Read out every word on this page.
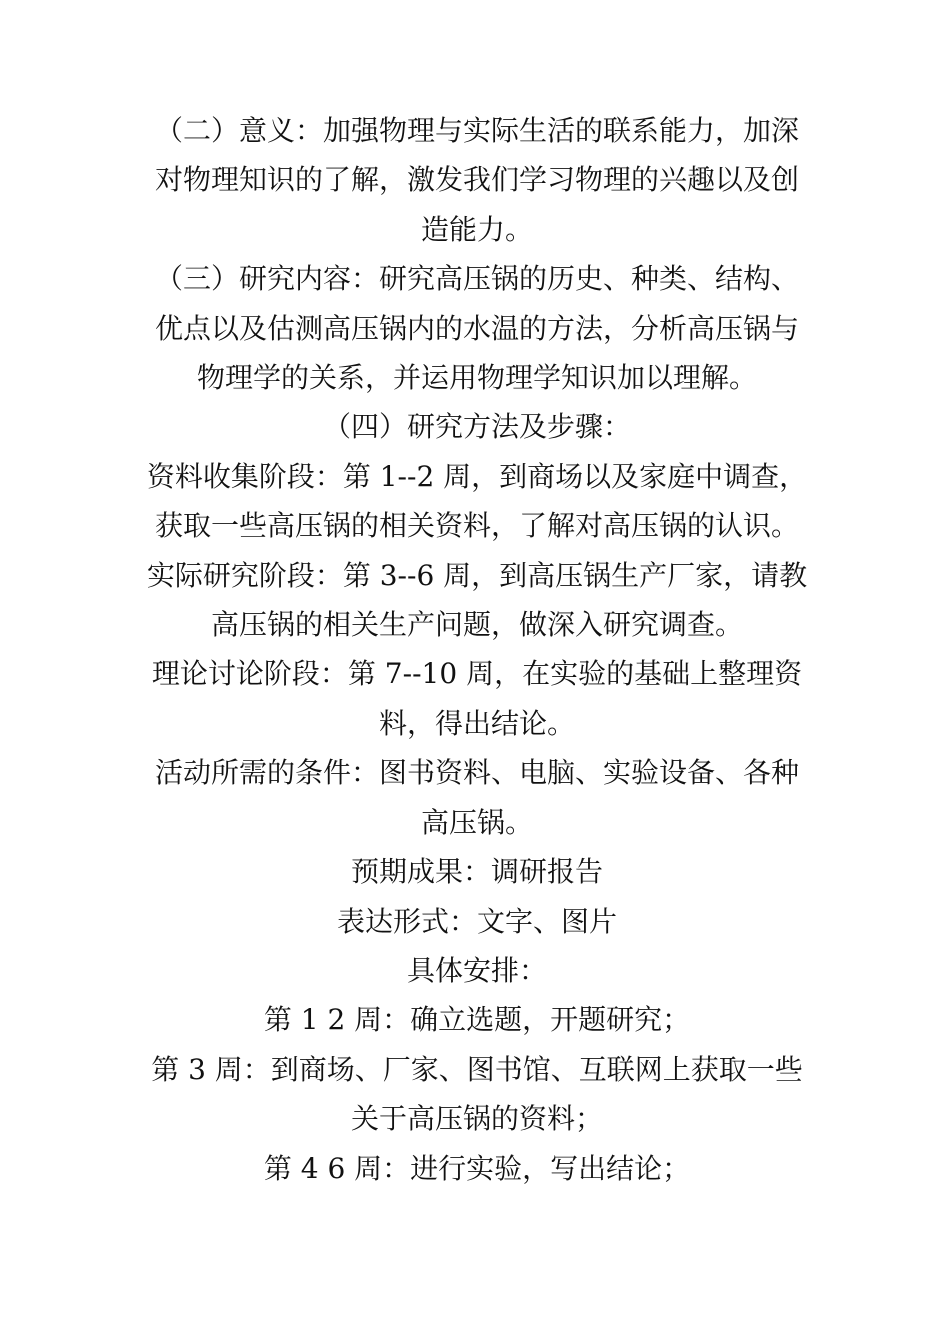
（二）意义：加强物理与实际生活的联系能力，加深对物理知识的了解，激发我们学习物理的兴趣以及创造能力。

（三）研究内容：研究高压锅的历史、种类、结构、优点以及估测高压锅内的水温的方法，分析高压锅与物理学的关系，并运用物理学知识加以理解。

（四）研究方法及步骤：

资料收集阶段：第 1--2 周，到商场以及家庭中调查，获取一些高压锅的相关资料，了解对高压锅的认识。

实际研究阶段：第 3--6 周，到高压锅生产厂家，请教高压锅的相关生产问题，做深入研究调查。

理论讨论阶段：第 7--10 周，在实验的基础上整理资料，得出结论。

活动所需的条件：图书资料、电脑、实验设备、各种高压锅。

预期成果：调研报告

表达形式：文字、图片

具体安排：

第 1 2 周：确立选题，开题研究；

第 3 周：到商场、厂家、图书馆、互联网上获取一些关于高压锅的资料；

第 4 6 周：进行实验，写出结论；
